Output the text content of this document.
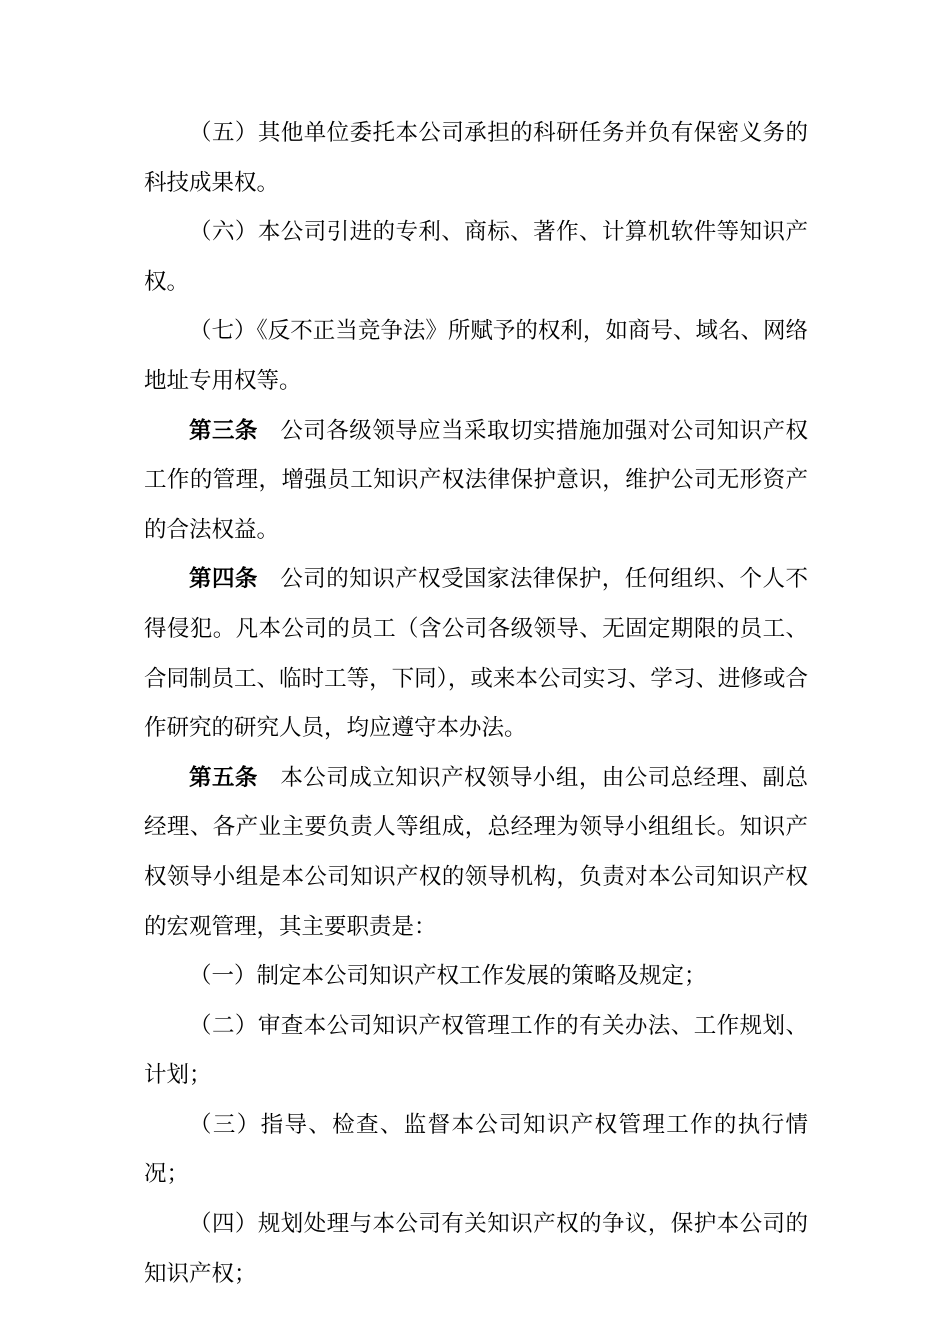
（五）其他单位委托本公司承担的科研任务并负有保密义务的科技成果权。

（六）本公司引进的专利、商标、著作、计算机软件等知识产权。

（七）《反不正当竞争法》所赋予的权利，如商号、域名、网络地址专用权等。

第三条 公司各级领导应当采取切实措施加强对公司知识产权工作的管理，增强员工知识产权法律保护意识，维护公司无形资产的合法权益。

第四条 公司的知识产权受国家法律保护，任何组织、个人不得侵犯。凡本公司的员工（含公司各级领导、无固定期限的员工、合同制员工、临时工等，下同），或来本公司实习、学习、进修或合作研究的研究人员，均应遵守本办法。

第五条 本公司成立知识产权领导小组，由公司总经理、副总经理、各产业主要负责人等组成，总经理为领导小组组长。知识产权领导小组是本公司知识产权的领导机构，负责对本公司知识产权的宏观管理，其主要职责是：

（一）制定本公司知识产权工作发展的策略及规定；

（二）审查本公司知识产权管理工作的有关办法、工作规划、计划；

（三）指导、检查、监督本公司知识产权管理工作的执行情况；

（四）规划处理与本公司有关知识产权的争议，保护本公司的知识产权；
